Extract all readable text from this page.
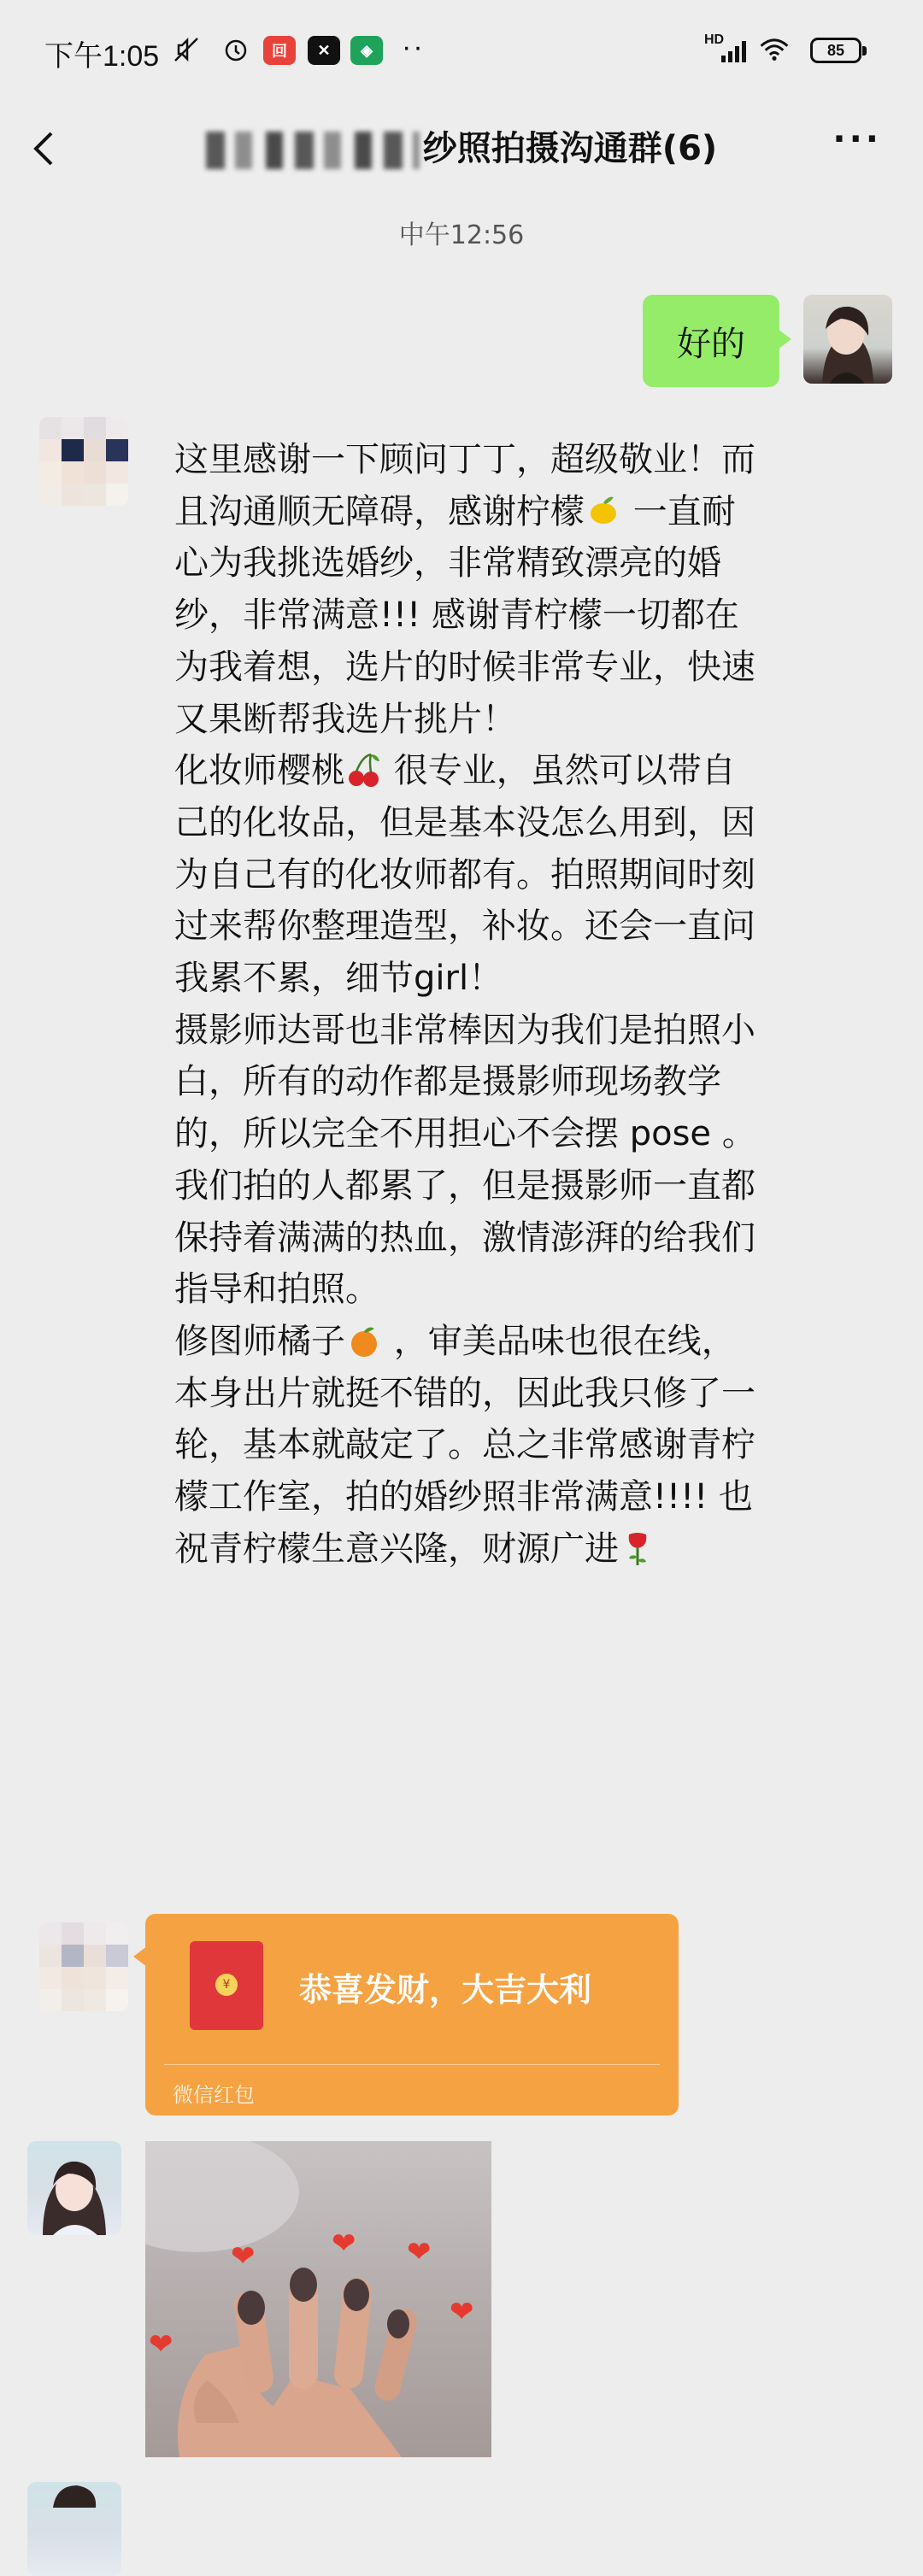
下午1:05	回	✕	◈	··	HD
85
纱照拍摄沟通群(6)	···
中午12:56
好的
这里感谢一下顾问丁丁，超级敬业！而且沟通顺无障碍，感谢柠檬 一直耐心为我挑选婚纱，非常精致漂亮的婚纱，非常满意!!! 感谢青柠檬一切都在为我着想，选片的时候非常专业，快速又果断帮我选片挑片！
化妆师樱桃 很专业，虽然可以带自己的化妆品，但是基本没怎么用到，因为自己有的化妆师都有。拍照期间时刻过来帮你整理造型，补妆。还会一直问我累不累，细节girl！
摄影师达哥也非常棒因为我们是拍照小白，所有的动作都是摄影师现场教学的，所以完全不用担心不会摆 pose 。我们拍的人都累了，但是摄影师一直都保持着满满的热血，激情澎湃的给我们指导和拍照。
修图师橘子 ，审美品味也很在线，本身出片就挺不错的，因此我只修了一轮，基本就敲定了。总之非常感谢青柠檬工作室，拍的婚纱照非常满意!!!! 也祝青柠檬生意兴隆，财源广进
¥ 恭喜发财，大吉大利
微信红包
❤	❤ ❤
❤
❤
